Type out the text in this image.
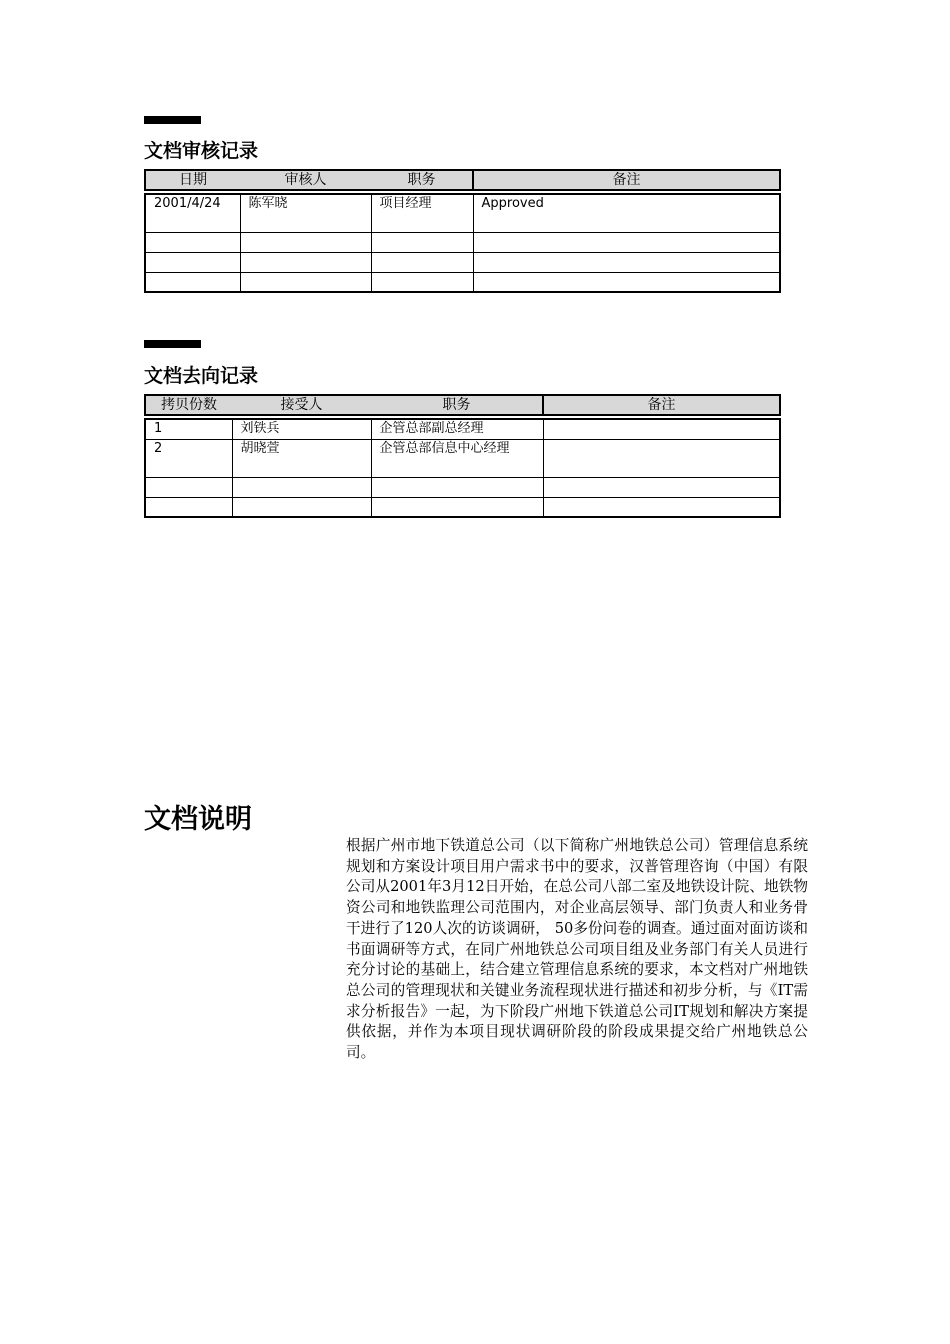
文档审核记录
日期	审核人	职务	备注

2001/4/24	陈军晓	项目经理	Approved

文档去向记录
拷贝份数	接受人	职务	备注

1	刘铁兵	企管总部副总经理	
2	胡晓萱	企管总部信息中心经理	

文档说明

根据广州市地下铁道总公司（以下简称广州地铁总公司）管理信息系统规划和方案设计项目用户需求书中的要求，汉普管理咨询（中国）有限公司从2001年3月12日开始，在总公司八部二室及地铁设计院、地铁物资公司和地铁监理公司范围内，对企业高层领导、部门负责人和业务骨干进行了120人次的访谈调研， 50多份问卷的调查。通过面对面访谈和书面调研等方式，在同广州地铁总公司项目组及业务部门有关人员进行充分讨论的基础上，结合建立管理信息系统的要求，本文档对广州地铁总公司的管理现状和关键业务流程现状进行描述和初步分析，与《IT需求分析报告》一起，为下阶段广州地下铁道总公司IT规划和解决方案提供依据，并作为本项目现状调研阶段的阶段成果提交给广州地铁总公司。
